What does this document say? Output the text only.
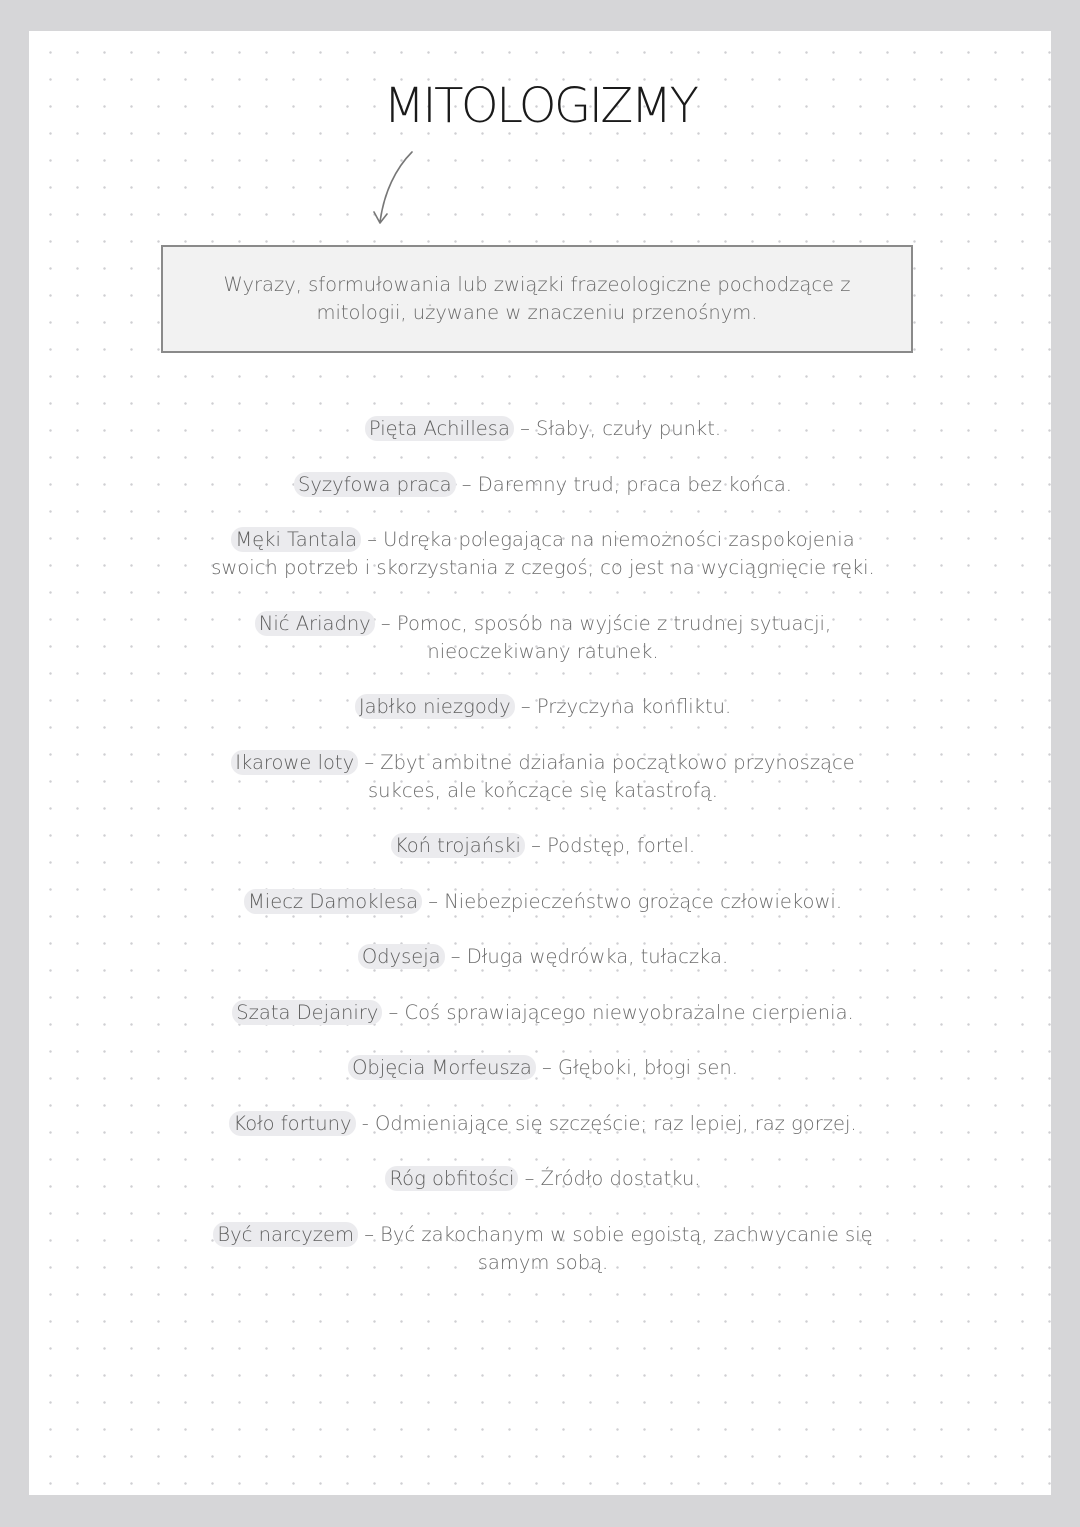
MITOLOGIZMY
Wyrazy, sformułowania lub związki frazeologiczne pochodzące z mitologii, używane w znaczeniu przenośnym.
Pięta Achillesa – Słaby, czuły punkt.
Syzyfowa praca – Daremny trud, praca bez końca.
Męki Tantala – Udręka polegająca na niemożności zaspokojenia swoich potrzeb i skorzystania z czegoś, co jest na wyciągnięcie ręki.
Nić Ariadny – Pomoc, sposób na wyjście z trudnej sytuacji, nieoczekiwany ratunek.
Jabłko niezgody – Przyczyna konfliktu.
Ikarowe loty – Zbyt ambitne działania początkowo przynoszące sukces, ale kończące się katastrofą.
Koń trojański – Podstęp, fortel.
Miecz Damoklesa – Niebezpieczeństwo grożące człowiekowi.
Odyseja – Długa wędrówka, tułaczka.
Szata Dejaniry – Coś sprawiającego niewyobrażalne cierpienia.
Objęcia Morfeusza – Głęboki, błogi sen.
Koło fortuny - Odmieniające się szczęście; raz lepiej, raz gorzej.
Róg obfitości – Źródło dostatku.
Być narcyzem – Być zakochanym w sobie egoistą, zachwycanie się samym sobą.
